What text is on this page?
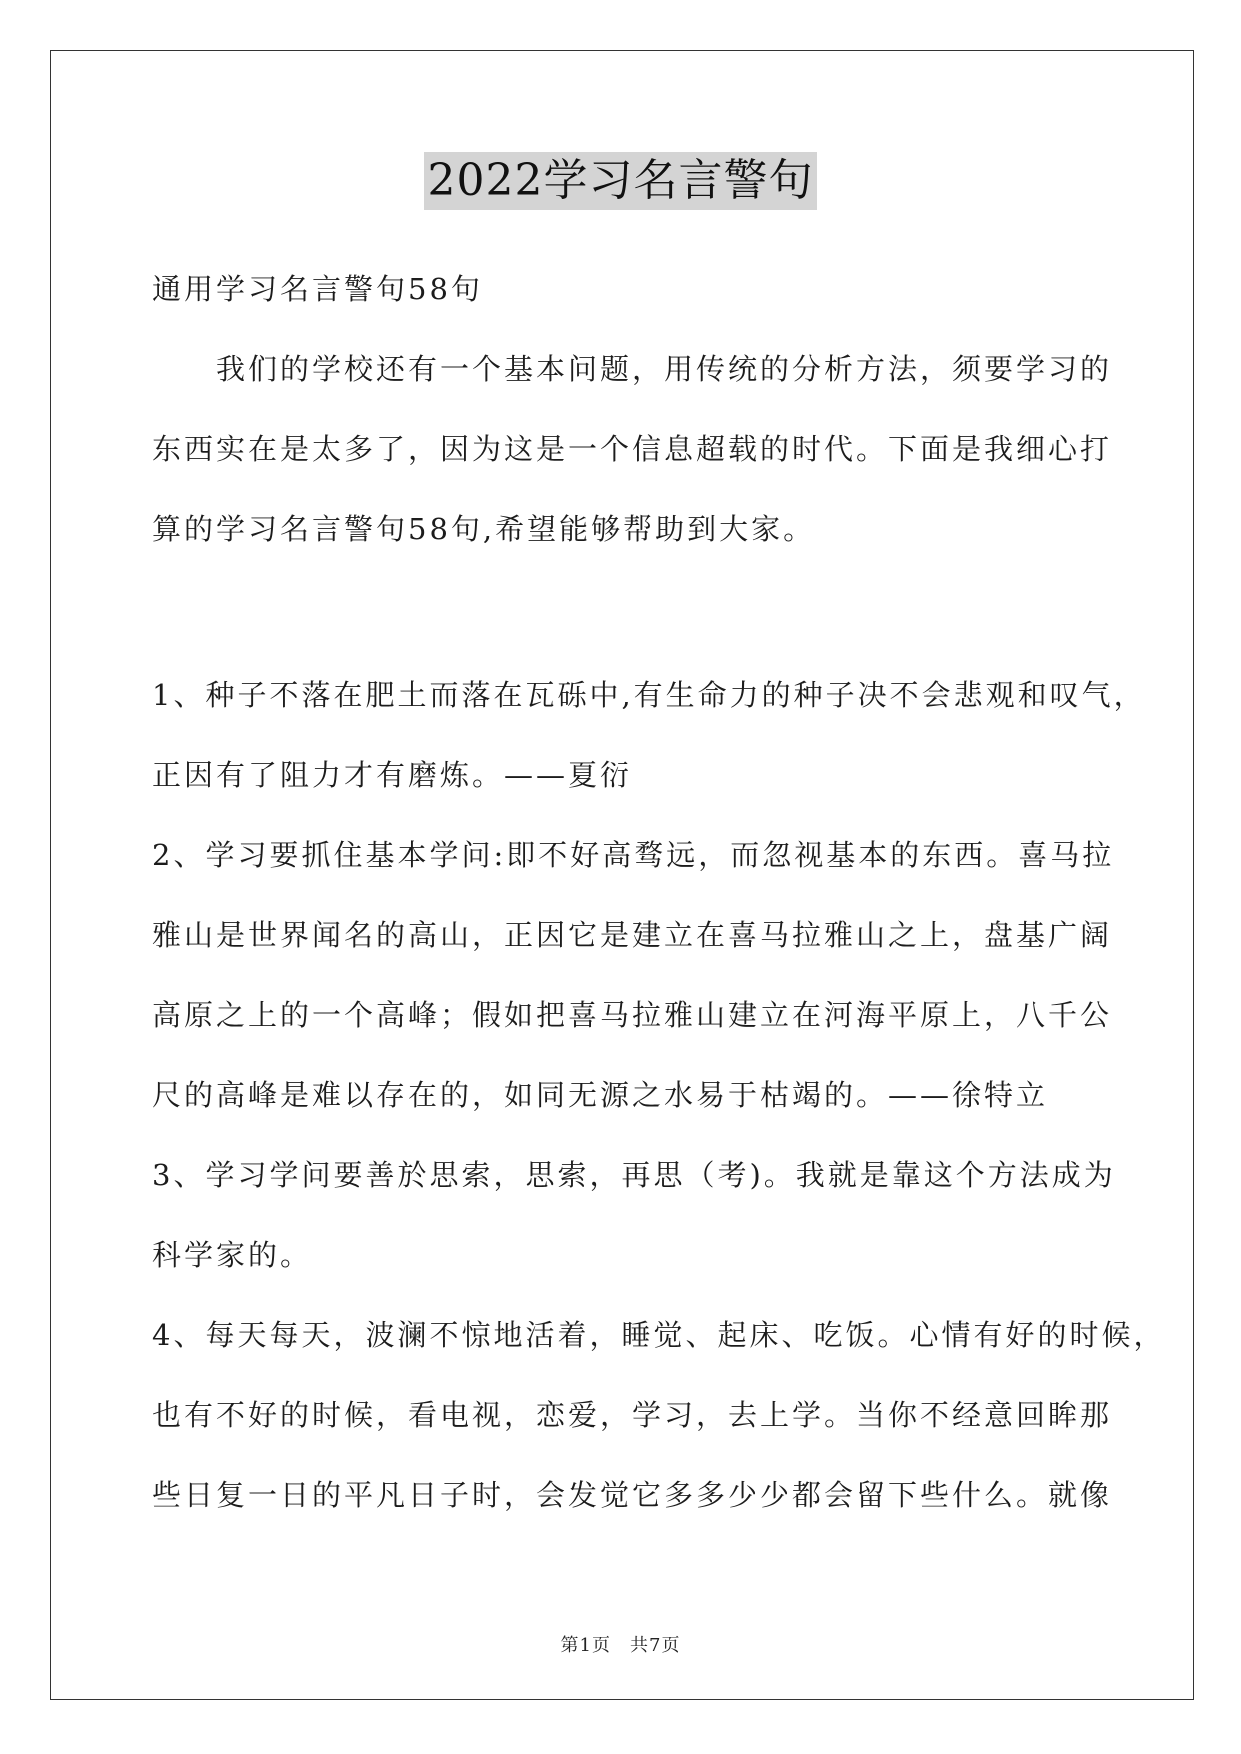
2022学习名言警句
通用学习名言警句58句
　　我们的学校还有一个基本问题，用传统的分析方法，须要学习的
东西实在是太多了，因为这是一个信息超载的时代。下面是我细心打
算的学习名言警句58句,希望能够帮助到大家。
1、种子不落在肥土而落在瓦砾中,有生命力的种子决不会悲观和叹气，
正因有了阻力才有磨炼。——夏衍
2、学习要抓住基本学问:即不好高骛远，而忽视基本的东西。喜马拉
雅山是世界闻名的高山，正因它是建立在喜马拉雅山之上，盘基广阔
高原之上的一个高峰；假如把喜马拉雅山建立在河海平原上，八千公
尺的高峰是难以存在的，如同无源之水易于枯竭的。——徐特立
3、学习学问要善於思索，思索，再思（考)。我就是靠这个方法成为
科学家的。
4、每天每天，波澜不惊地活着，睡觉、起床、吃饭。心情有好的时候，
也有不好的时候，看电视，恋爱，学习，去上学。当你不经意回眸那
些日复一日的平凡日子时，会发觉它多多少少都会留下些什么。就像
第1页　共7页
